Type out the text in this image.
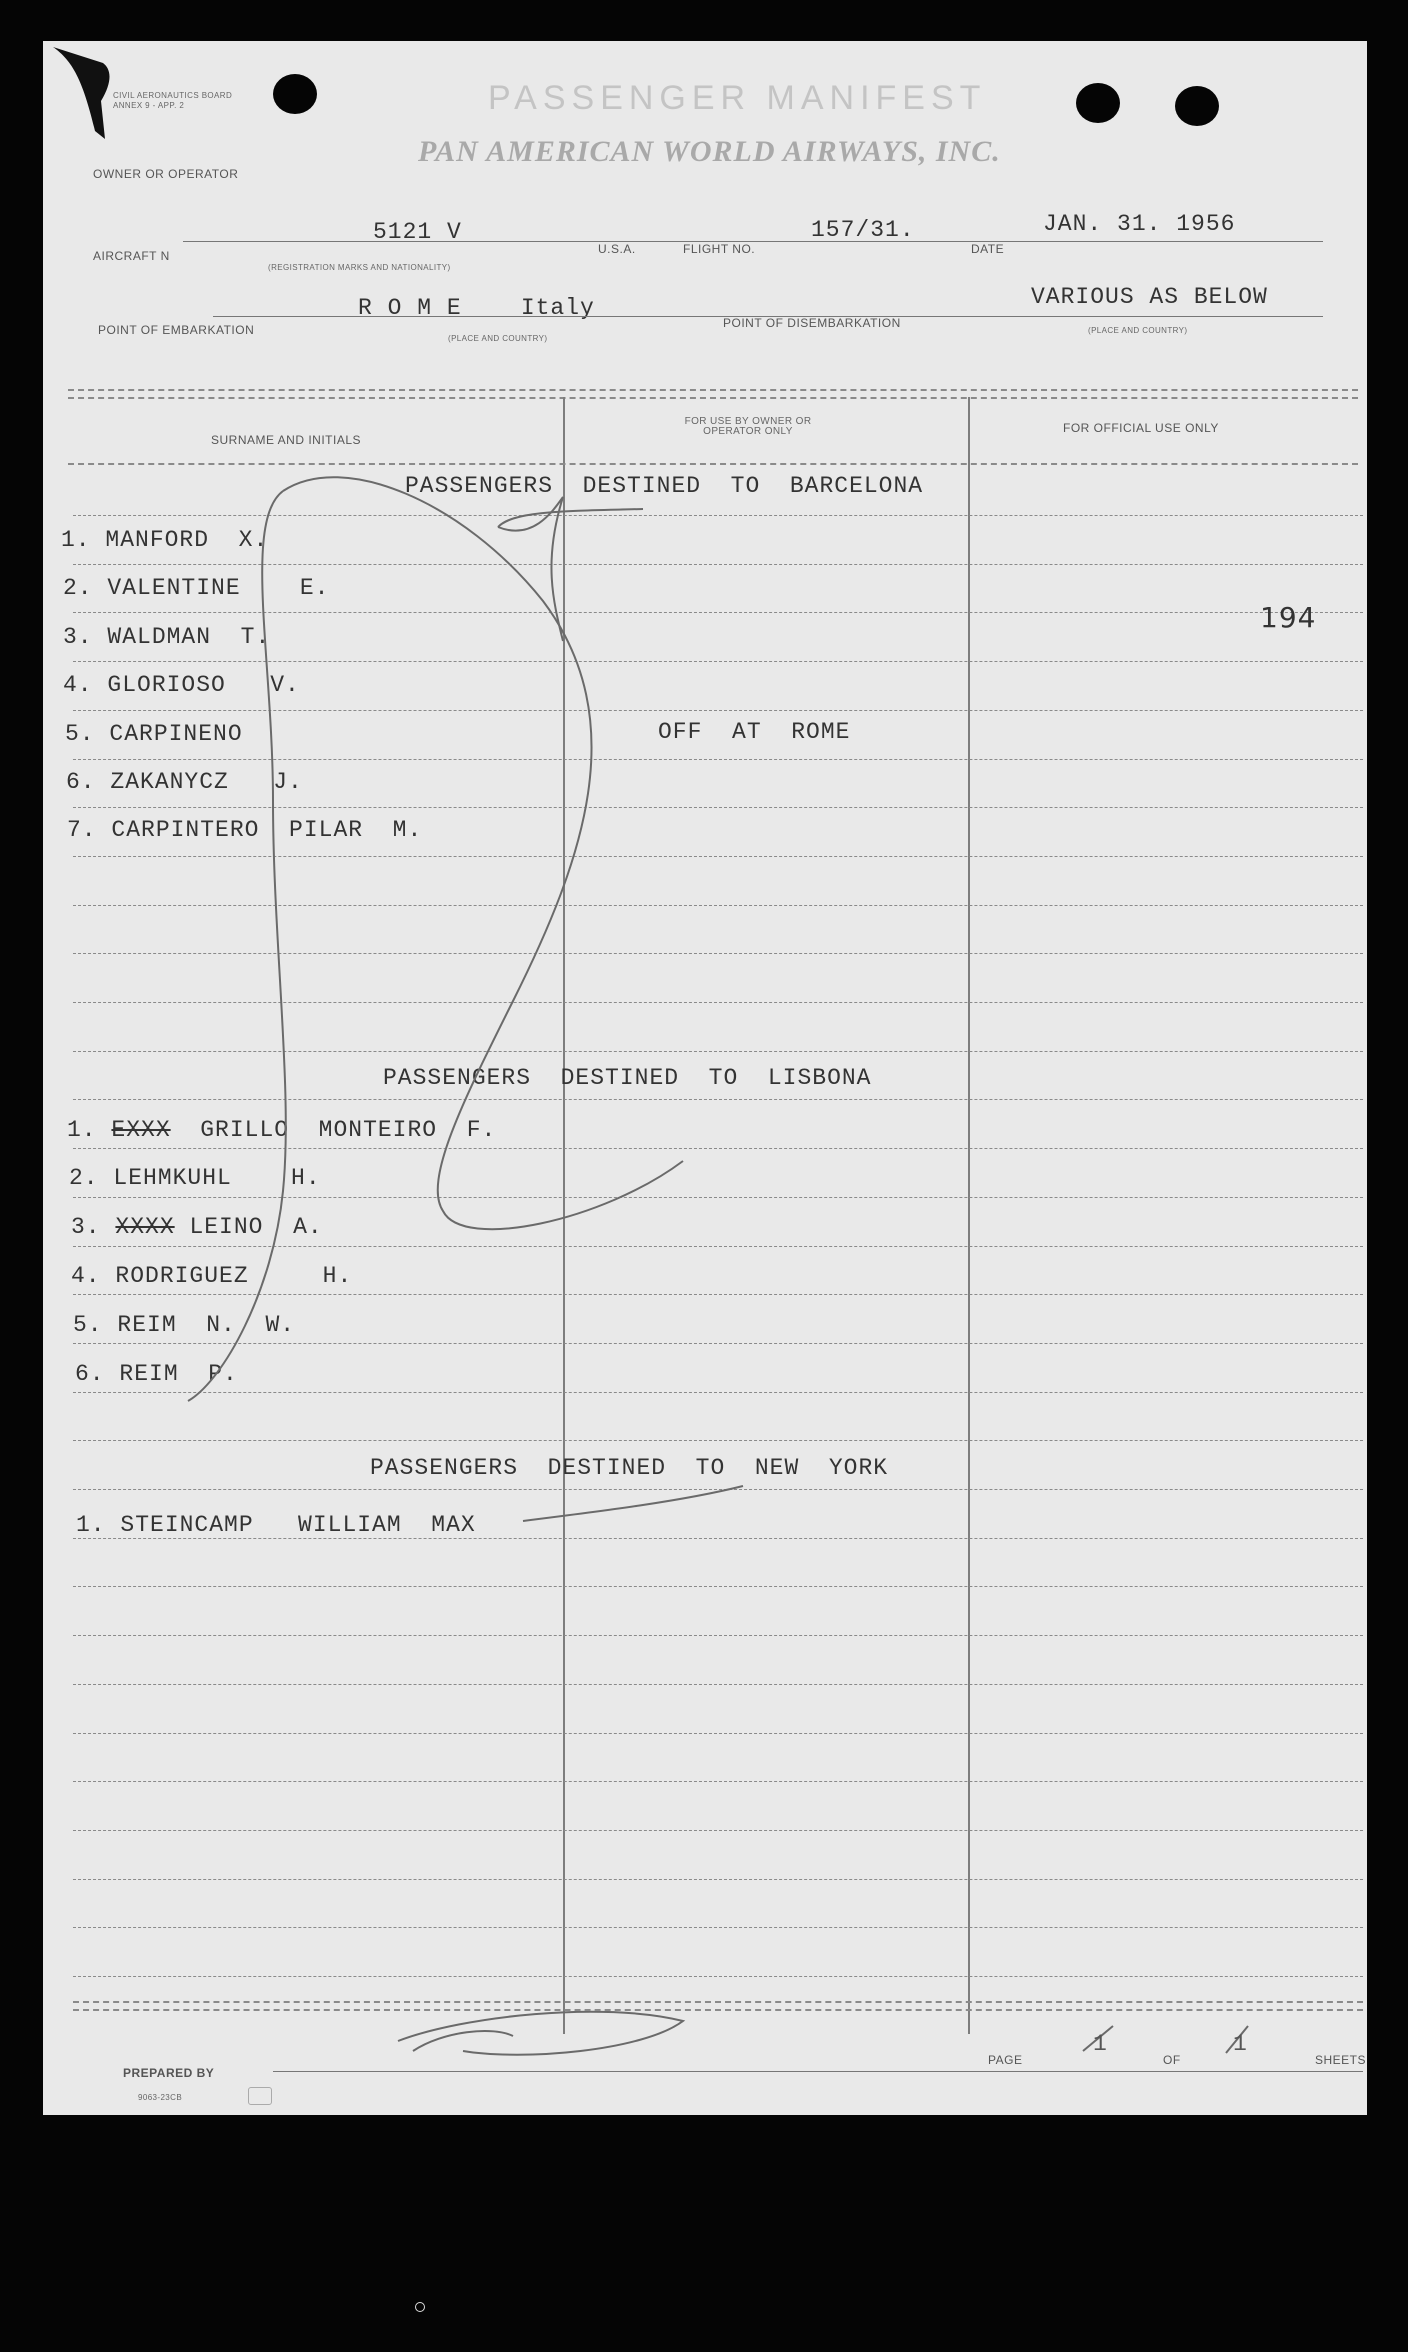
CIVIL AERONAUTICS BOARD
ANNEX 9 - APP. 2	PASSENGER MANIFEST
PAN AMERICAN WORLD AIRWAYS, INC.
OWNER OR OPERATOR
AIRCRAFT N
5121 V
(REGISTRATION MARKS AND NATIONALITY)
U.S.A.	FLIGHT NO.
157/31.
DATE
JAN. 31. 1956
POINT OF EMBARKATION
R O M E    Italy
(PLACE AND COUNTRY)
POINT OF DISEMBARKATION
VARIOUS AS BELOW
(PLACE AND COUNTRY)
SURNAME AND INITIALS
FOR USE BY OWNER OR OPERATOR ONLY	FOR OFFICIAL USE ONLY
194
PASSENGERS  DESTINED  TO  BARCELONA
1. MANFORD  X.
2. VALENTINE    E.
3. WALDMAN  T.
4. GLORIOSO   V.
5. CARPINENO	OFF  AT  ROME
6. ZAKANYCZ   J.
7. CARPINTERO  PILAR  M.
PASSENGERS  DESTINED  TO  LISBONA
1. EXXX GRILLO  MONTEIRO  F.
2. LEHMKUHL    H.
3. XXXX LEINO  A.
4. RODRIGUEZ     H.
5. REIM  N.  W.
6. REIM  P.
PASSENGERS  DESTINED  TO  NEW  YORK
1. STEINCAMP   WILLIAM  MAX
PREPARED BY
PAGE
1
OF
1
SHEETS
9063-23CB
